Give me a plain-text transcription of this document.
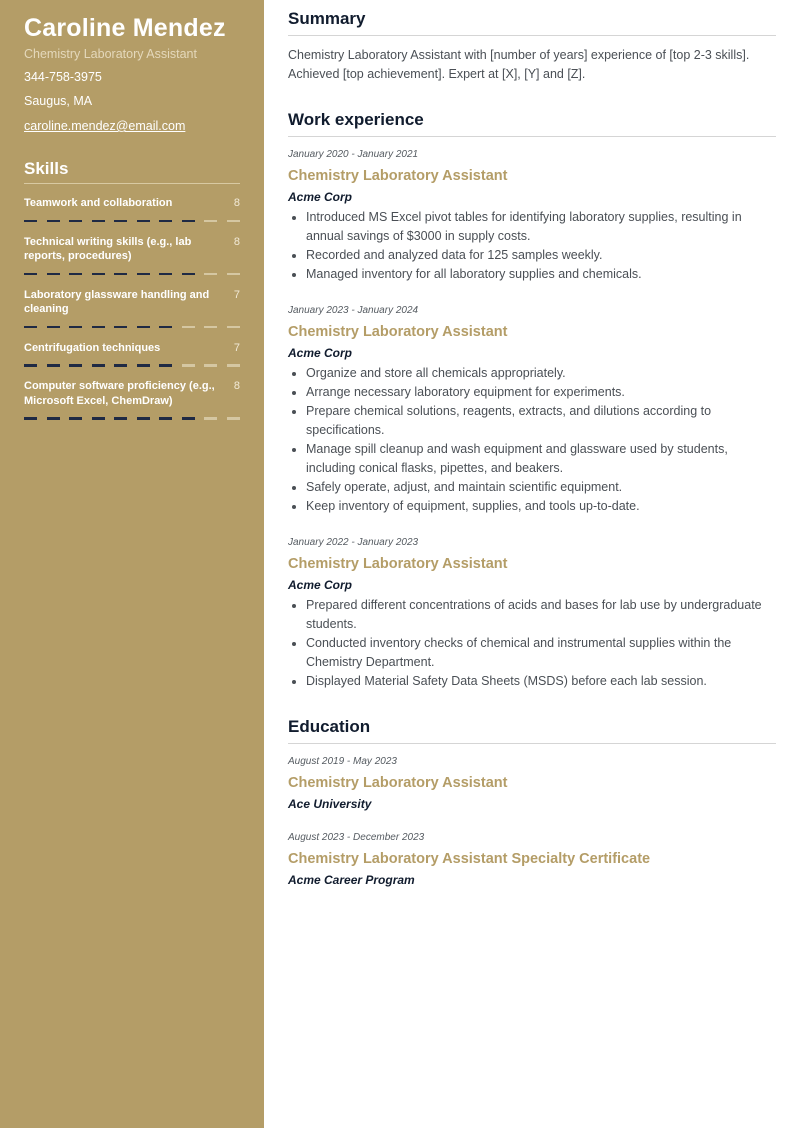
Caroline Mendez
Chemistry Laboratory Assistant
344-758-3975
Saugus, MA
caroline.mendez@email.com
Skills
Teamwork and collaboration	8
Technical writing skills (e.g., lab reports, procedures)
8
Laboratory glassware handling and cleaning
7
Centrifugation techniques	7
Computer software proficiency (e.g., Microsoft Excel, ChemDraw)
8
Summary
Chemistry Laboratory Assistant with [number of years] experience of [top 2-3 skills]. Achieved [top achievement]. Expert at [X], [Y] and [Z].
Work experience
January 2020 - January 2021
Chemistry Laboratory Assistant
Acme Corp
• Introduced MS Excel pivot tables for identifying laboratory supplies, resulting in annual savings of $3000 in supply costs.
• Recorded and analyzed data for 125 samples weekly.
• Managed inventory for all laboratory supplies and chemicals.
January 2023 - January 2024
Chemistry Laboratory Assistant
Acme Corp
• Organize and store all chemicals appropriately.
• Arrange necessary laboratory equipment for experiments.
• Prepare chemical solutions, reagents, extracts, and dilutions according to specifications.
• Manage spill cleanup and wash equipment and glassware used by students, including conical flasks, pipettes, and beakers.
• Safely operate, adjust, and maintain scientific equipment.
• Keep inventory of equipment, supplies, and tools up-to-date.
January 2022 - January 2023
Chemistry Laboratory Assistant
Acme Corp
• Prepared different concentrations of acids and bases for lab use by undergraduate students.
• Conducted inventory checks of chemical and instrumental supplies within the Chemistry Department.
• Displayed Material Safety Data Sheets (MSDS) before each lab session.
Education
August 2019 - May 2023
Chemistry Laboratory Assistant
Ace University
August 2023 - December 2023
Chemistry Laboratory Assistant Specialty Certificate
Acme Career Program
